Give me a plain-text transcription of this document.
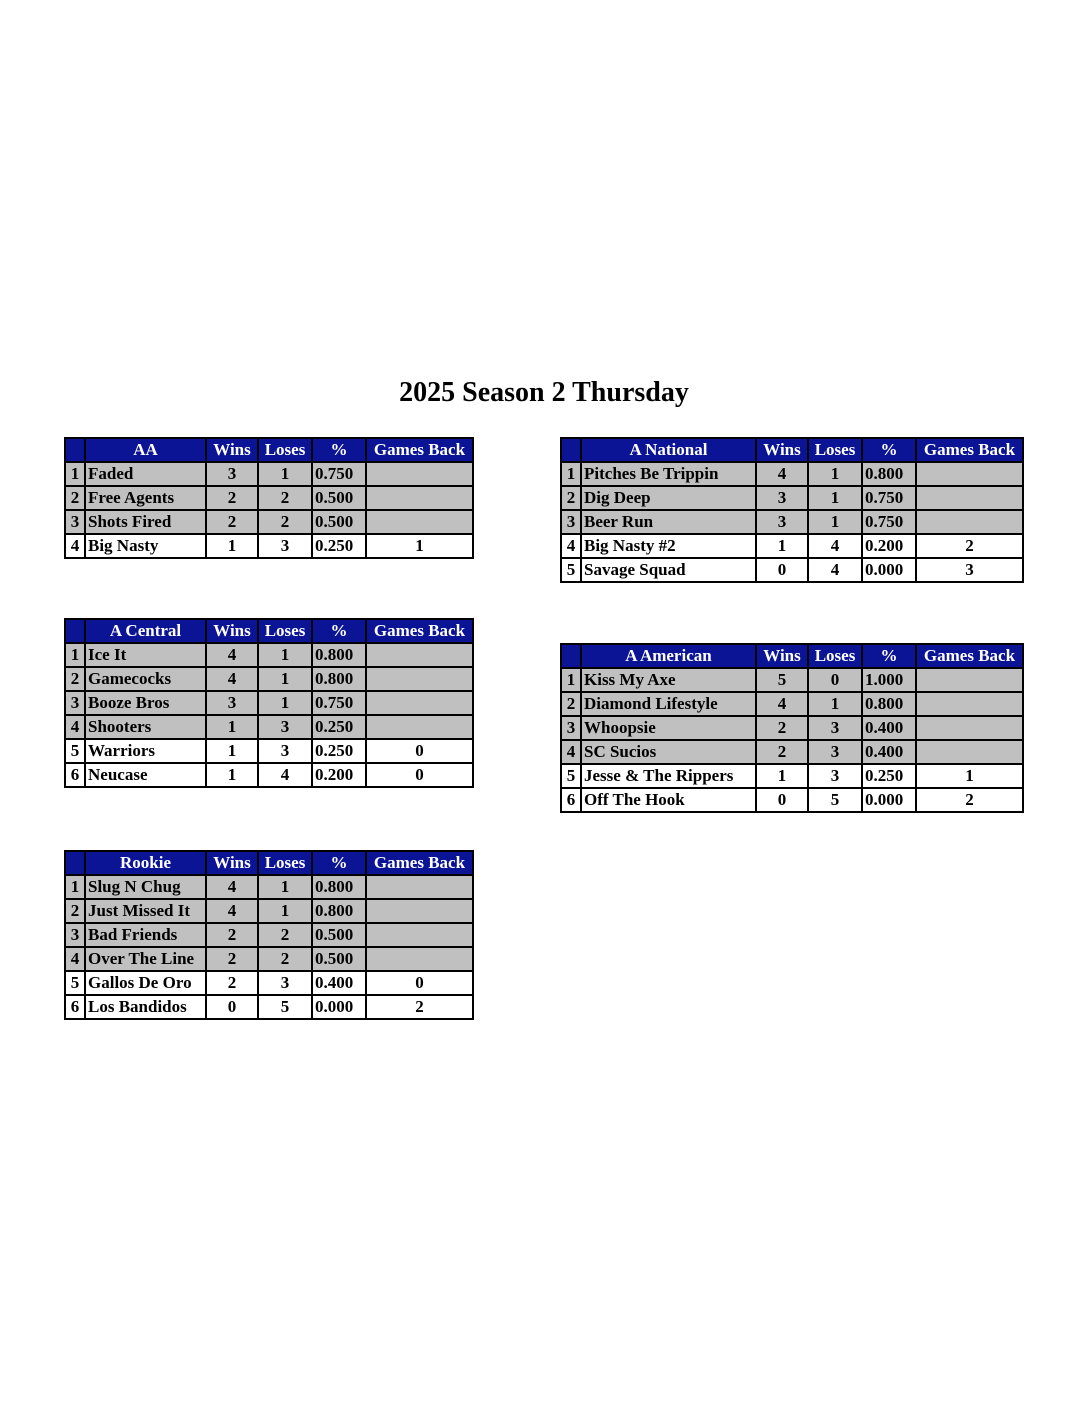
2025 Season 2 Thursday
	AA	Wins	Loses	%	Games Back
1	Faded	3	1	0.750	
2	Free Agents	2	2	0.500	
3	Shots Fired	2	2	0.500	
4	Big Nasty	1	3	0.250	1
	A National	Wins	Loses	%	Games Back
1	Pitches Be Trippin	4	1	0.800	
2	Dig Deep	3	1	0.750	
3	Beer Run	3	1	0.750	
4	Big Nasty #2	1	4	0.200	2
5	Savage Squad	0	4	0.000	3
	A Central	Wins	Loses	%	Games Back
1	Ice It	4	1	0.800	
2	Gamecocks	4	1	0.800	
3	Booze Bros	3	1	0.750	
4	Shooters	1	3	0.250	
5	Warriors	1	3	0.250	0
6	Neucase	1	4	0.200	0
	A American	Wins	Loses	%	Games Back
1	Kiss My Axe	5	0	1.000	
2	Diamond Lifestyle	4	1	0.800	
3	Whoopsie	2	3	0.400	
4	SC Sucios	2	3	0.400	
5	Jesse & The Rippers	1	3	0.250	1
6	Off The Hook	0	5	0.000	2
	Rookie	Wins	Loses	%	Games Back
1	Slug N Chug	4	1	0.800	
2	Just Missed It	4	1	0.800	
3	Bad Friends	2	2	0.500	
4	Over The Line	2	2	0.500	
5	Gallos De Oro	2	3	0.400	0
6	Los Bandidos	0	5	0.000	2
